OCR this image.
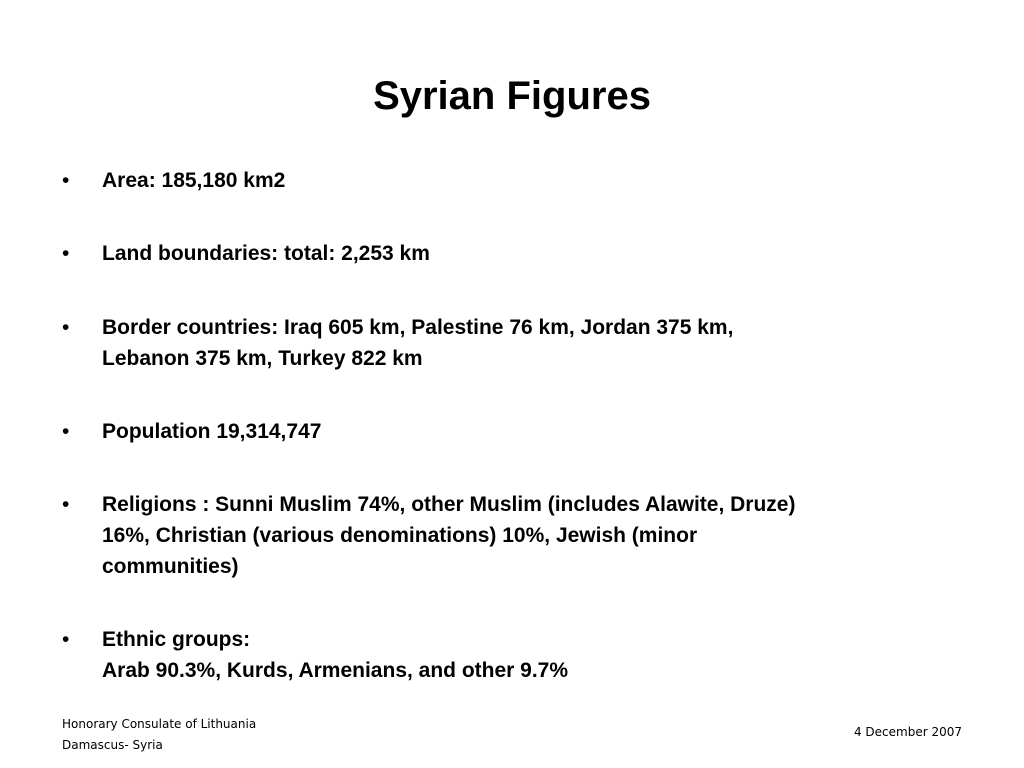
Syrian Figures
•	Area: 185,180 km2
•	Land boundaries: total: 2,253 km
•	Border countries: Iraq 605 km, Palestine 76 km, Jordan 375 km,
Lebanon 375 km, Turkey 822 km
•	Population 19,314,747
•	Religions : Sunni Muslim 74%, other Muslim (includes Alawite, Druze)
16%, Christian (various denominations) 10%, Jewish (minor
communities)
•	Ethnic groups:
Arab 90.3%, Kurds, Armenians, and other 9.7%
Honorary Consulate of Lithuania
Damascus- Syria
4 December 2007
